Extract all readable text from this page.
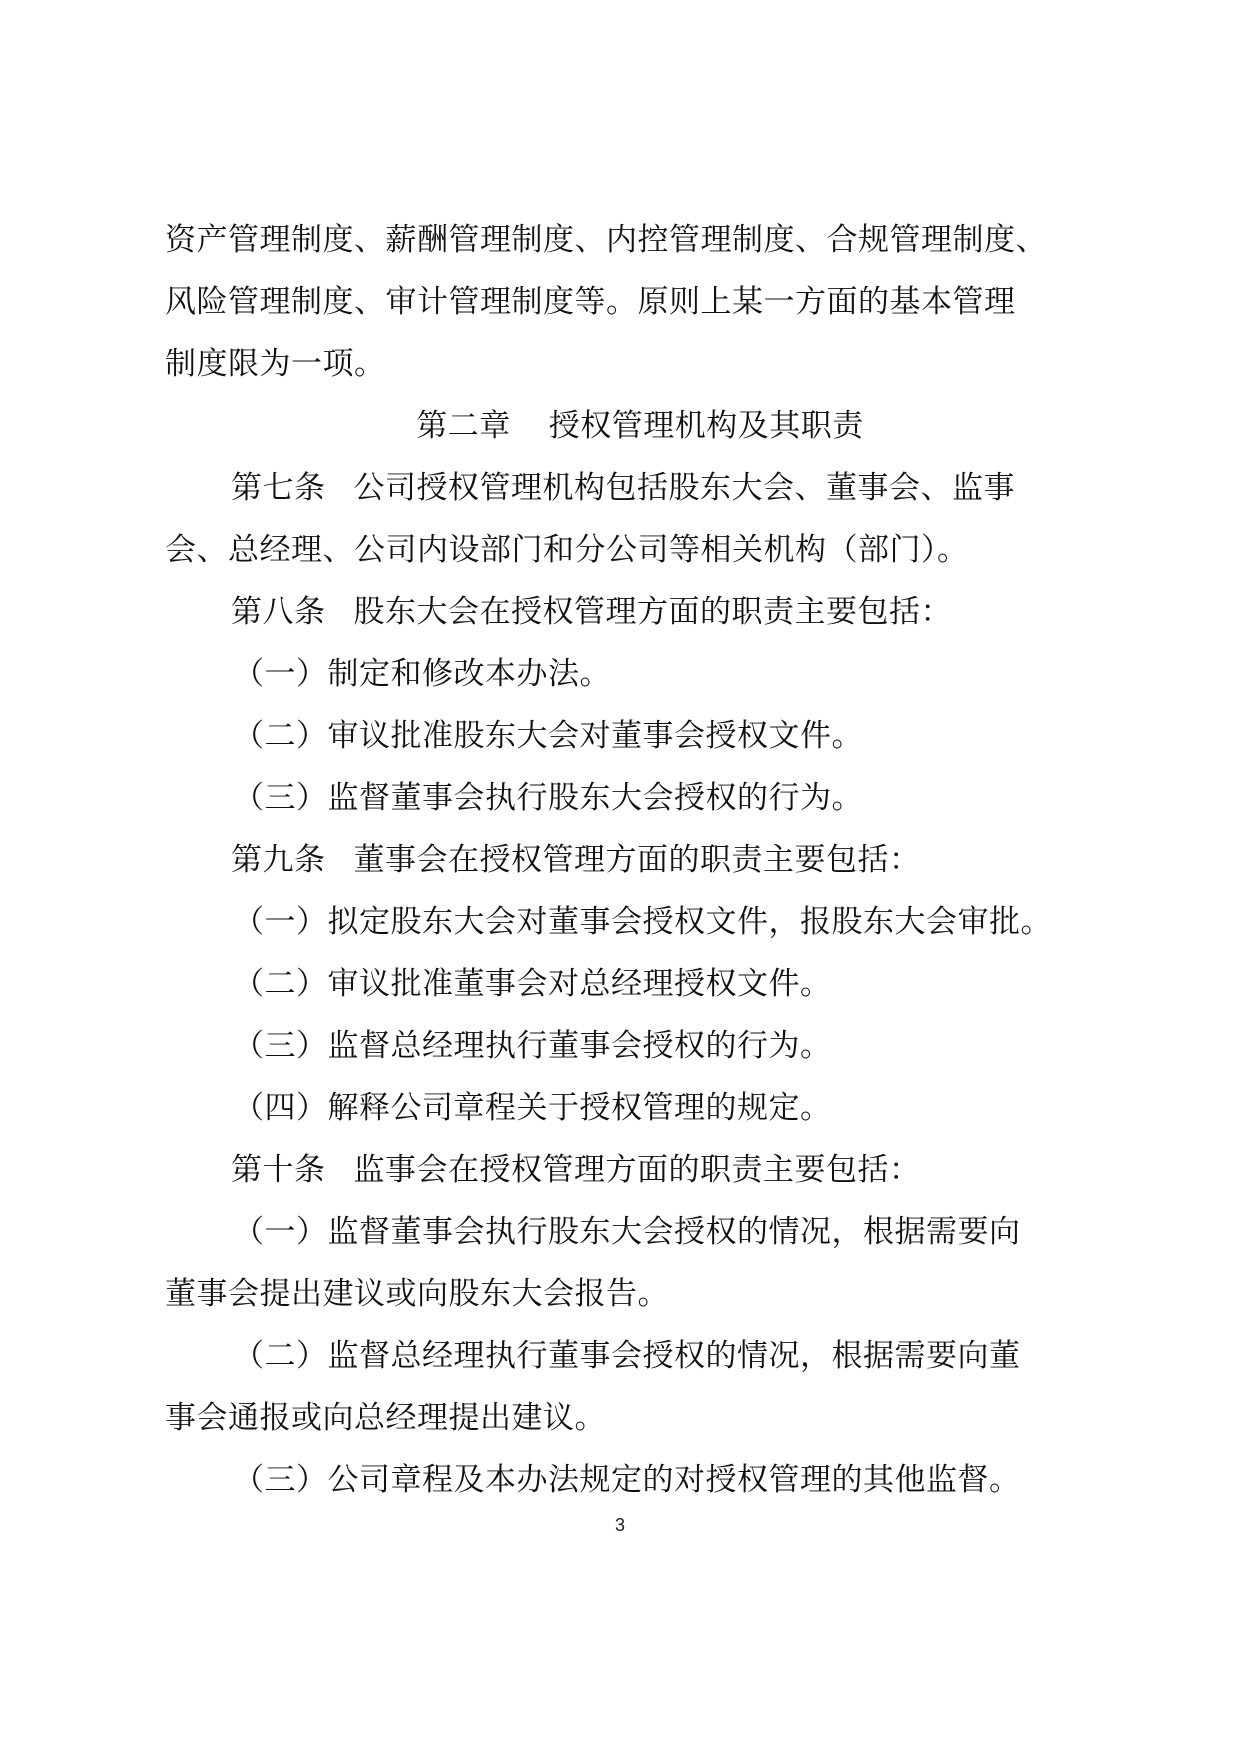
资产管理制度、薪酬管理制度、内控管理制度、合规管理制度、
风险管理制度、审计管理制度等。原则上某一方面的基本管理
制度限为一项。
第二章 授权管理机构及其职责
第七条 公司授权管理机构包括股东大会、董事会、监事
会、总经理、公司内设部门和分公司等相关机构（部门）。
第八条 股东大会在授权管理方面的职责主要包括：
（一）制定和修改本办法。
（二）审议批准股东大会对董事会授权文件。
（三）监督董事会执行股东大会授权的行为。
第九条 董事会在授权管理方面的职责主要包括：
（一）拟定股东大会对董事会授权文件，报股东大会审批。
（二）审议批准董事会对总经理授权文件。
（三）监督总经理执行董事会授权的行为。
（四）解释公司章程关于授权管理的规定。
第十条 监事会在授权管理方面的职责主要包括：
（一）监督董事会执行股东大会授权的情况，根据需要向
董事会提出建议或向股东大会报告。
（二）监督总经理执行董事会授权的情况，根据需要向董
事会通报或向总经理提出建议。
（三）公司章程及本办法规定的对授权管理的其他监督。
3
